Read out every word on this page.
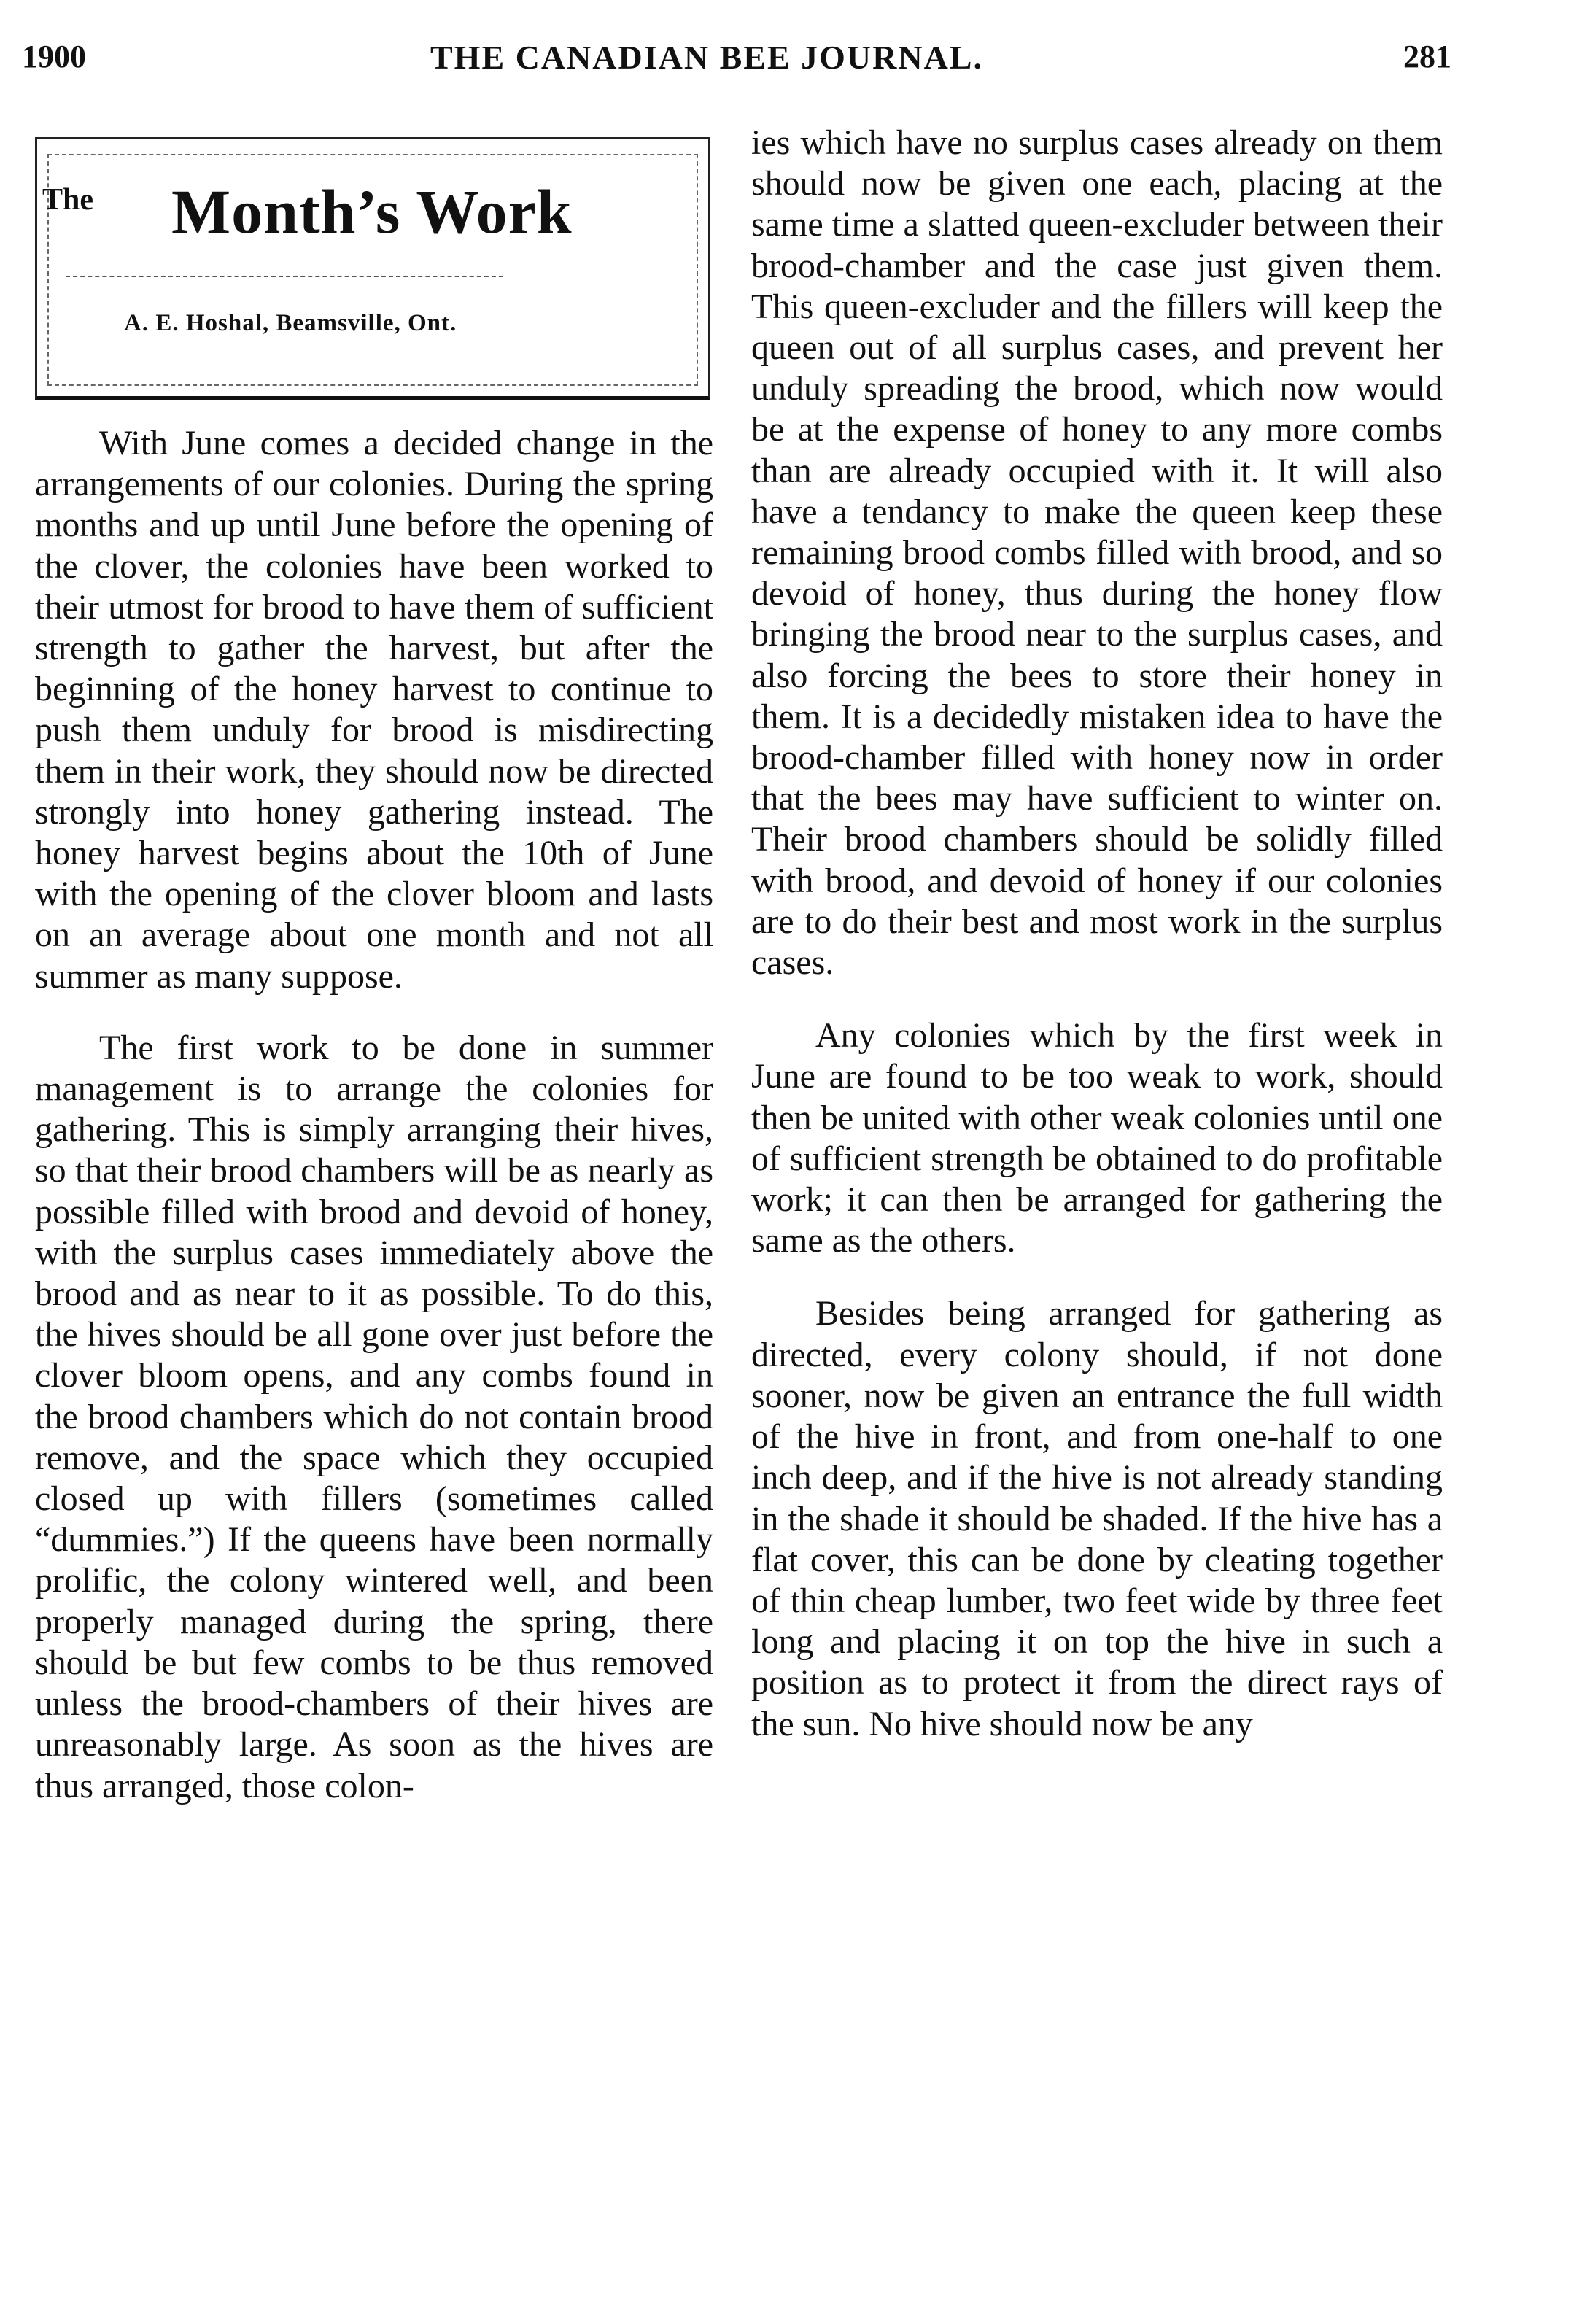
1900	THE CANADIAN BEE JOURNAL.	281
The Month’s Work
A. E. Hoshal, Beamsville, Ont.

With June comes a decided change in the arrangements of our colonies. During the spring months and up until June before the opening of the clover, the colonies have been worked to their utmost for brood to have them of sufficient strength to gather the harvest, but after the beginning of the honey harvest to continue to push them unduly for brood is misdirecting them in their work, they should now be directed strongly into honey gathering instead. The honey harvest begins about the 10th of June with the opening of the clover bloom and lasts on an average about one month and not all summer as many suppose.

The first work to be done in summer management is to arrange the colonies for gathering. This is simply arranging their hives, so that their brood chambers will be as nearly as possible filled with brood and devoid of honey, with the surplus cases immediately above the brood and as near to it as possible. To do this, the hives should be all gone over just before the clover bloom opens, and any combs found in the brood chambers which do not contain brood remove, and the space which they occupied closed up with fillers (sometimes called “dummies.”) If the queens have been normally prolific, the colony wintered well, and been properly managed during the spring, there should be but few combs to be thus removed unless the brood-chambers of their hives are unreasonably large. As soon as the hives are thus arranged, those colon-

ies which have no surplus cases already on them should now be given one each, placing at the same time a slatted queen-excluder between their brood-chamber and the case just given them. This queen-excluder and the fillers will keep the queen out of all surplus cases, and prevent her unduly spreading the brood, which now would be at the expense of honey to any more combs than are already occupied with it. It will also have a tendancy to make the queen keep these remaining brood combs filled with brood, and so devoid of honey, thus during the honey flow bringing the brood near to the surplus cases, and also forcing the bees to store their honey in them. It is a decidedly mistaken idea to have the brood-chamber filled with honey now in order that the bees may have sufficient to winter on. Their brood chambers should be solidly filled with brood, and devoid of honey if our colonies are to do their best and most work in the surplus cases.

Any colonies which by the first week in June are found to be too weak to work, should then be united with other weak colonies until one of sufficient strength be obtained to do profitable work; it can then be arranged for gathering the same as the others.

Besides being arranged for gathering as directed, every colony should, if not done sooner, now be given an entrance the full width of the hive in front, and from one-half to one inch deep, and if the hive is not already standing in the shade it should be shaded. If the hive has a flat cover, this can be done by cleating together of thin cheap lumber, two feet wide by three feet long and placing it on top the hive in such a position as to protect it from the direct rays of the sun. No hive should now be any
